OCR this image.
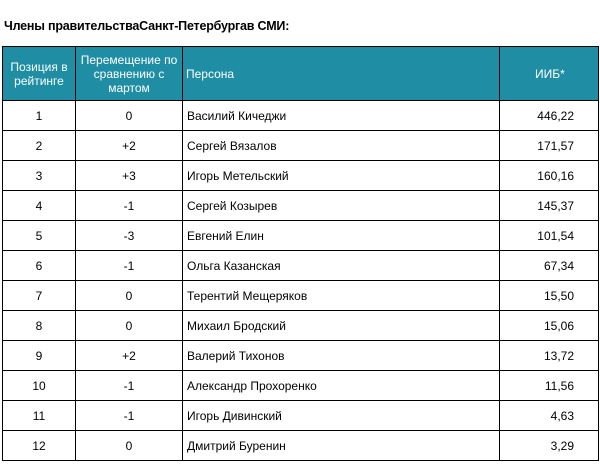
Члены правительстваСанкт-Петербургав СМИ:
Позиция в рейтинге	Перемещение по сравнению с мартом	Персона	ИИБ*
1	0	Василий Кичеджи	446,22
2	+2	Сергей Вязалов	171,57
3	+3	Игорь Метельский	160,16
4	-1	Сергей Козырев	145,37
5	-3	Евгений Елин	101,54
6	-1	Ольга Казанская	67,34
7	0	Терентий Мещеряков	15,50
8	0	Михаил Бродский	15,06
9	+2	Валерий Тихонов	13,72
10	-1	Александр Прохоренко	11,56
11	-1	Игорь Дивинский	4,63
12	0	Дмитрий Буренин	3,29
